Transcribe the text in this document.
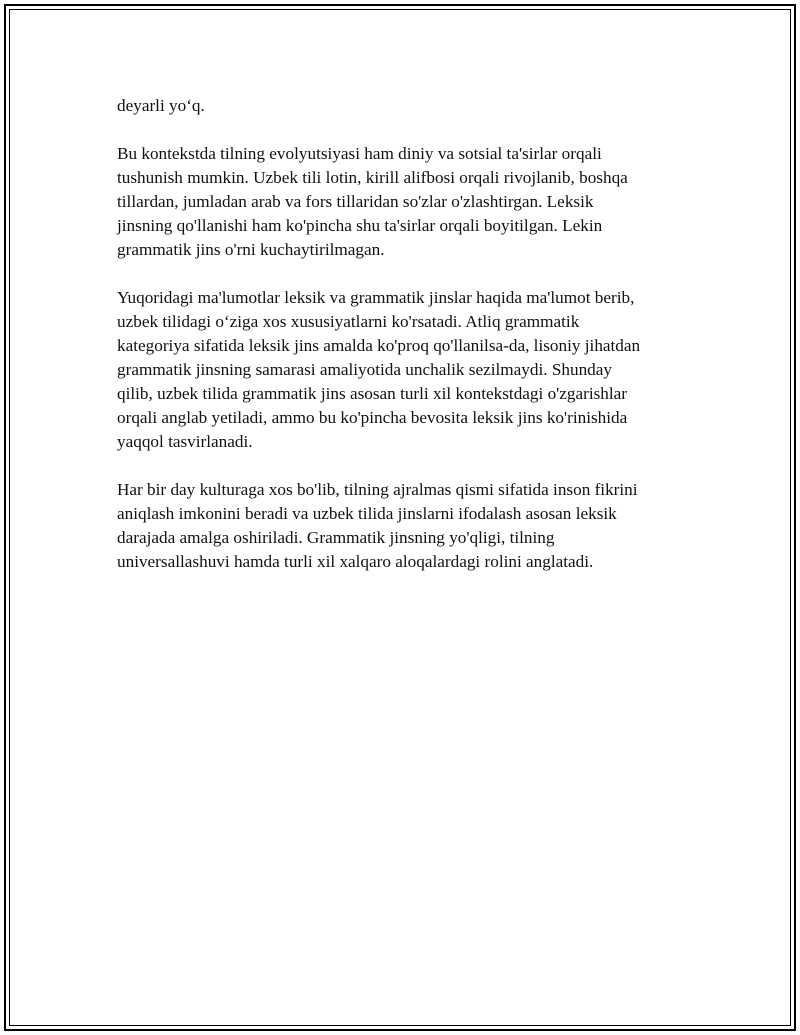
deyarli yo‘q.

Bu kontekstda tilning evolyutsiyasi ham diniy va sotsial ta'sirlar orqali
tushunish mumkin. Uzbek tili lotin, kirill alifbosi orqali rivojlanib, boshqa
tillardan, jumladan arab va fors tillaridan so'zlar o'zlashtirgan. Leksik
jinsning qo'llanishi ham ko'pincha shu ta'sirlar orqali boyitilgan. Lekin
grammatik jins o'rni kuchaytirilmagan.

Yuqoridagi ma'lumotlar leksik va grammatik jinslar haqida ma'lumot berib,
uzbek tilidagi o‘ziga xos xususiyatlarni ko'rsatadi. Atliq grammatik
kategoriya sifatida leksik jins amalda ko'proq qo'llanilsa-da, lisoniy jihatdan
grammatik jinsning samarasi amaliyotida unchalik sezilmaydi. Shunday
qilib, uzbek tilida grammatik jins asosan turli xil kontekstdagi o'zgarishlar
orqali anglab yetiladi, ammo bu ko'pincha bevosita leksik jins ko'rinishida
yaqqol tasvirlanadi.

Har bir day kulturaga xos bo'lib, tilning ajralmas qismi sifatida inson fikrini
aniqlash imkonini beradi va uzbek tilida jinslarni ifodalash asosan leksik
darajada amalga oshiriladi. Grammatik jinsning yo'qligi, tilning
universallashuvi hamda turli xil xalqaro aloqalardagi rolini anglatadi.
